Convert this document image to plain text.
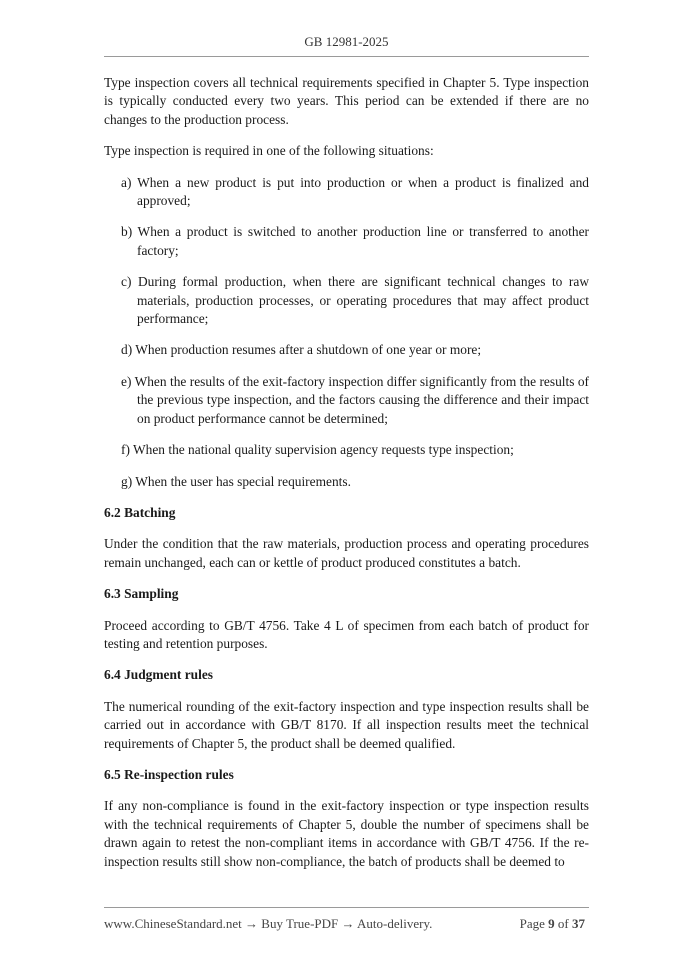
GB 12981-2025

Type inspection covers all technical requirements specified in Chapter 5. Type inspection is typically conducted every two years. This period can be extended if there are no changes to the production process.

Type inspection is required in one of the following situations:

a) When a new product is put into production or when a product is finalized and approved;
b) When a product is switched to another production line or transferred to another factory;
c) During formal production, when there are significant technical changes to raw materials, production processes, or operating procedures that may affect product performance;
d) When production resumes after a shutdown of one year or more;
e) When the results of the exit-factory inspection differ significantly from the results of the previous type inspection, and the factors causing the difference and their impact on product performance cannot be determined;
f) When the national quality supervision agency requests type inspection;
g) When the user has special requirements.
6.2 Batching

Under the condition that the raw materials, production process and operating procedures remain unchanged, each can or kettle of product produced constitutes a batch.

6.3 Sampling

Proceed according to GB/T 4756. Take 4 L of specimen from each batch of product for testing and retention purposes.

6.4 Judgment rules

The numerical rounding of the exit-factory inspection and type inspection results shall be carried out in accordance with GB/T 8170. If all inspection results meet the technical requirements of Chapter 5, the product shall be deemed qualified.

6.5 Re-inspection rules

If any non-compliance is found in the exit-factory inspection or type inspection results with the technical requirements of Chapter 5, double the number of specimens shall be drawn again to retest the non-compliant items in accordance with GB/T 4756. If the re-inspection results still show non-compliance, the batch of products shall be deemed to

www.ChineseStandard.net → Buy True-PDF → Auto-delivery.	Page 9 of 37
